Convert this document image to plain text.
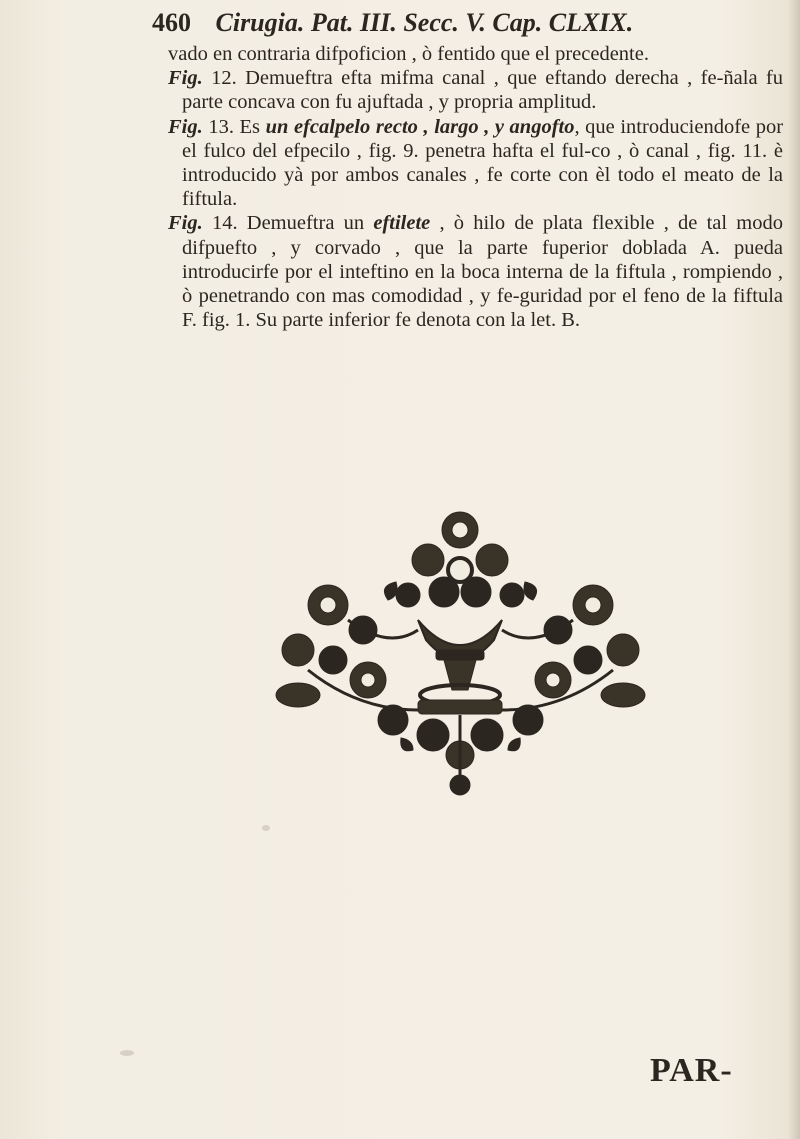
460 Cirugia. Pat. III. Secc. V. Cap. CLXIX.

vado en contraria difpoficion , ò fentido que el precedente.

Fig. 12. Demueftra efta mifma canal , que eftando derecha , fe-ñala fu parte concava con fu ajuftada , y propria amplitud.

Fig. 13. Es un efcalpelo recto , largo , y angofto, que introduciendofe por el fulco del efpecilo , fig. 9. penetra hafta el ful-co , ò canal , fig. 11. è introducido yà por ambos canales , fe corte con èl todo el meato de la fiftula.

Fig. 14. Demueftra un eftilete , ò hilo de plata flexible , de tal modo difpuefto , y corvado , que la parte fuperior doblada A. pueda introducirfe por el inteftino en la boca interna de la fiftula , rompiendo , ò penetrando con mas comodidad , y fe-guridad por el feno de la fiftula F. fig. 1. Su parte inferior fe denota con la let. B.

PAR-
